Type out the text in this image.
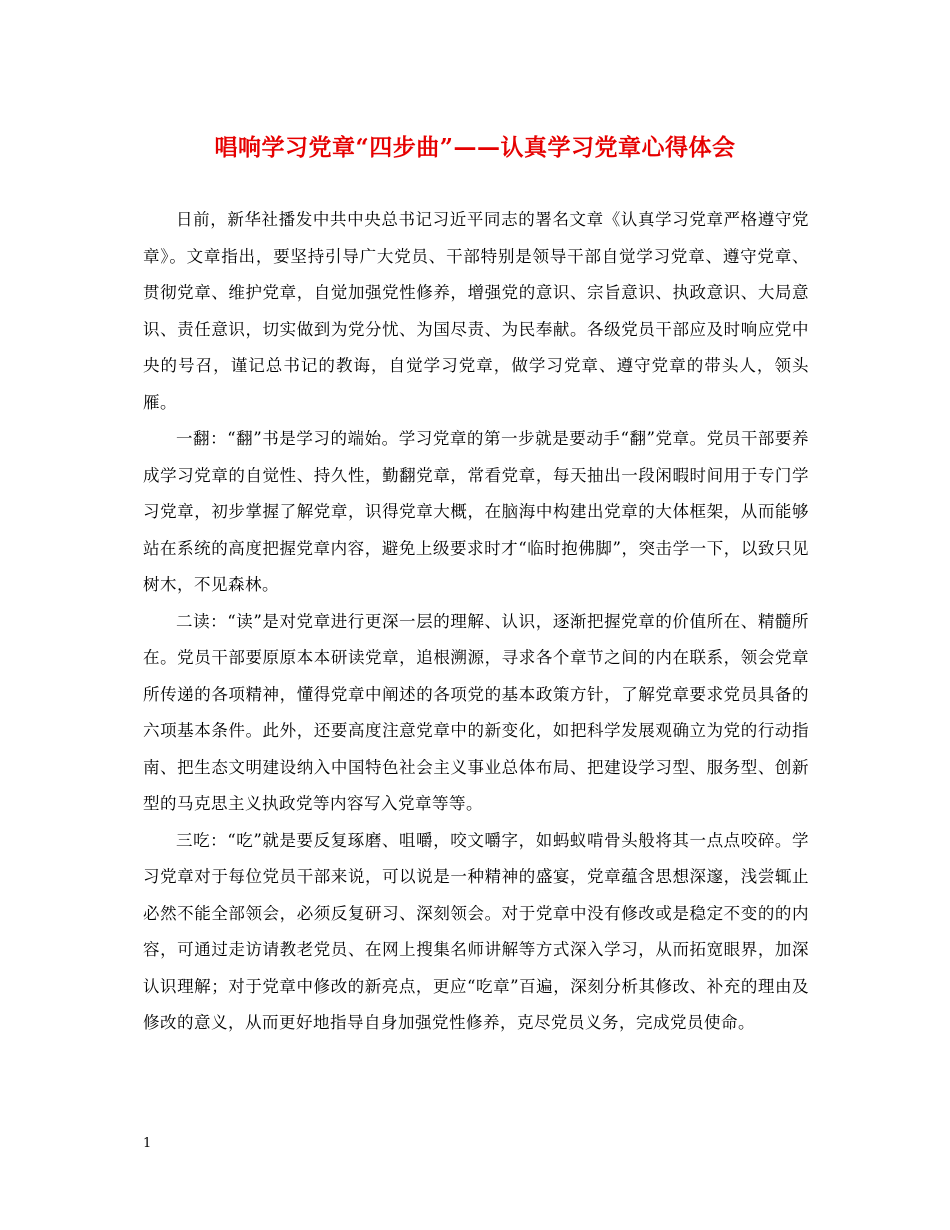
唱响学习党章“四步曲”——认真学习党章心得体会

日前，新华社播发中共中央总书记习近平同志的署名文章《认真学习党章严格遵守党章》。文章指出，要坚持引导广大党员、干部特别是领导干部自觉学习党章、遵守党章、贯彻党章、维护党章，自觉加强党性修养，增强党的意识、宗旨意识、执政意识、大局意识、责任意识，切实做到为党分忧、为国尽责、为民奉献。各级党员干部应及时响应党中央的号召，谨记总书记的教诲，自觉学习党章，做学习党章、遵守党章的带头人，领头雁。

一翻：“翻”书是学习的端始。学习党章的第一步就是要动手“翻”党章。党员干部要养成学习党章的自觉性、持久性，勤翻党章，常看党章，每天抽出一段闲暇时间用于专门学习党章，初步掌握了解党章，识得党章大概，在脑海中构建出党章的大体框架，从而能够站在系统的高度把握党章内容，避免上级要求时才“临时抱佛脚”，突击学一下，以致只见树木，不见森林。

二读：“读”是对党章进行更深一层的理解、认识，逐渐把握党章的价值所在、精髓所在。党员干部要原原本本研读党章，追根溯源，寻求各个章节之间的内在联系，领会党章所传递的各项精神，懂得党章中阐述的各项党的基本政策方针，了解党章要求党员具备的六项基本条件。此外，还要高度注意党章中的新变化，如把科学发展观确立为党的行动指南、把生态文明建设纳入中国特色社会主义事业总体布局、把建设学习型、服务型、创新型的马克思主义执政党等内容写入党章等等。

三吃：“吃”就是要反复琢磨、咀嚼，咬文嚼字，如蚂蚁啃骨头般将其一点点咬碎。学习党章对于每位党员干部来说，可以说是一种精神的盛宴，党章蕴含思想深邃，浅尝辄止必然不能全部领会，必须反复研习、深刻领会。对于党章中没有修改或是稳定不变的的内容，可通过走访请教老党员、在网上搜集名师讲解等方式深入学习，从而拓宽眼界，加深认识理解；对于党章中修改的新亮点，更应“吃章”百遍，深刻分析其修改、补充的理由及修改的意义，从而更好地指导自身加强党性修养，克尽党员义务，完成党员使命。

1
